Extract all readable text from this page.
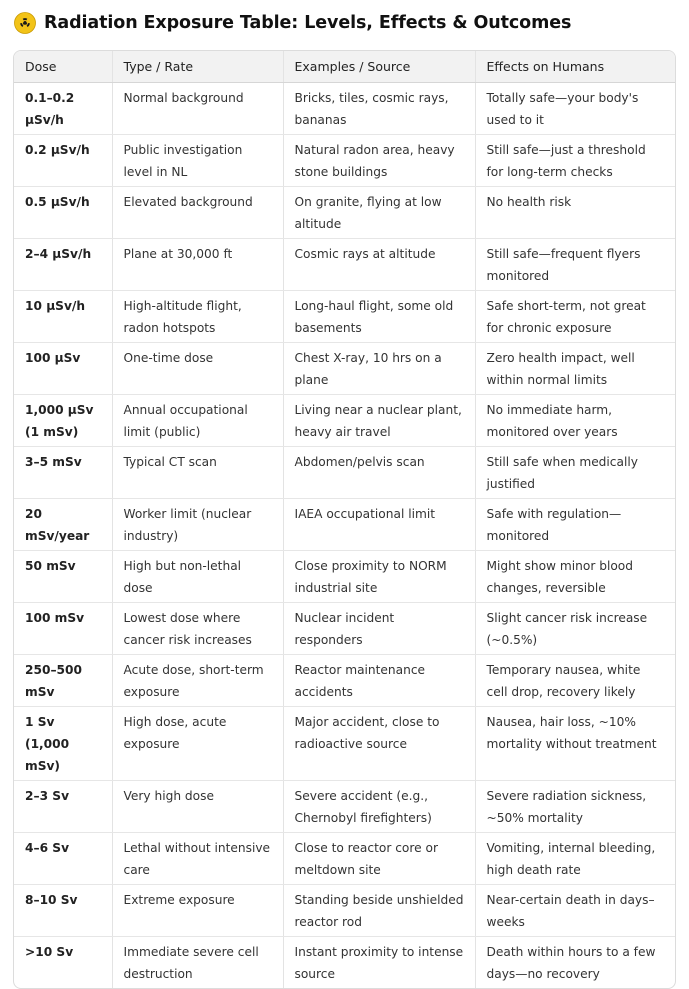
Radiation Exposure Table: Levels, Effects & Outcomes
Dose	Type / Rate	Examples / Source	Effects on Humans
0.1–0.2 µSv/h	Normal background	Bricks, tiles, cosmic rays, bananas	Totally safe—your body's used to it
0.2 µSv/h	Public investigation level in NL	Natural radon area, heavy stone buildings	Still safe—just a threshold for long-term checks
0.5 µSv/h	Elevated background	On granite, flying at low altitude	No health risk
2–4 µSv/h	Plane at 30,000 ft	Cosmic rays at altitude	Still safe—frequent flyers monitored
10 µSv/h	High-altitude flight, radon hotspots	Long-haul flight, some old basements	Safe short-term, not great for chronic exposure
100 µSv	One-time dose	Chest X-ray, 10 hrs on a plane	Zero health impact, well within normal limits
1,000 µSv (1 mSv)	Annual occupational limit (public)	Living near a nuclear plant, heavy air travel	No immediate harm, monitored over years
3–5 mSv	Typical CT scan	Abdomen/pelvis scan	Still safe when medically justified
20 mSv/year	Worker limit (nuclear industry)	IAEA occupational limit	Safe with regulation—monitored
50 mSv	High but non-lethal dose	Close proximity to NORM industrial site	Might show minor blood changes, reversible
100 mSv	Lowest dose where cancer risk increases	Nuclear incident responders	Slight cancer risk increase (~0.5%)
250–500 mSv	Acute dose, short-term exposure	Reactor maintenance accidents	Temporary nausea, white cell drop, recovery likely
1 Sv (1,000 mSv)	High dose, acute exposure	Major accident, close to radioactive source	Nausea, hair loss, ~10% mortality without treatment
2–3 Sv	Very high dose	Severe accident (e.g., Chernobyl firefighters)	Severe radiation sickness, ~50% mortality
4–6 Sv	Lethal without intensive care	Close to reactor core or meltdown site	Vomiting, internal bleeding, high death rate
8–10 Sv	Extreme exposure	Standing beside unshielded reactor rod	Near-certain death in days–weeks
>10 Sv	Immediate severe cell destruction	Instant proximity to intense source	Death within hours to a few days—no recovery
